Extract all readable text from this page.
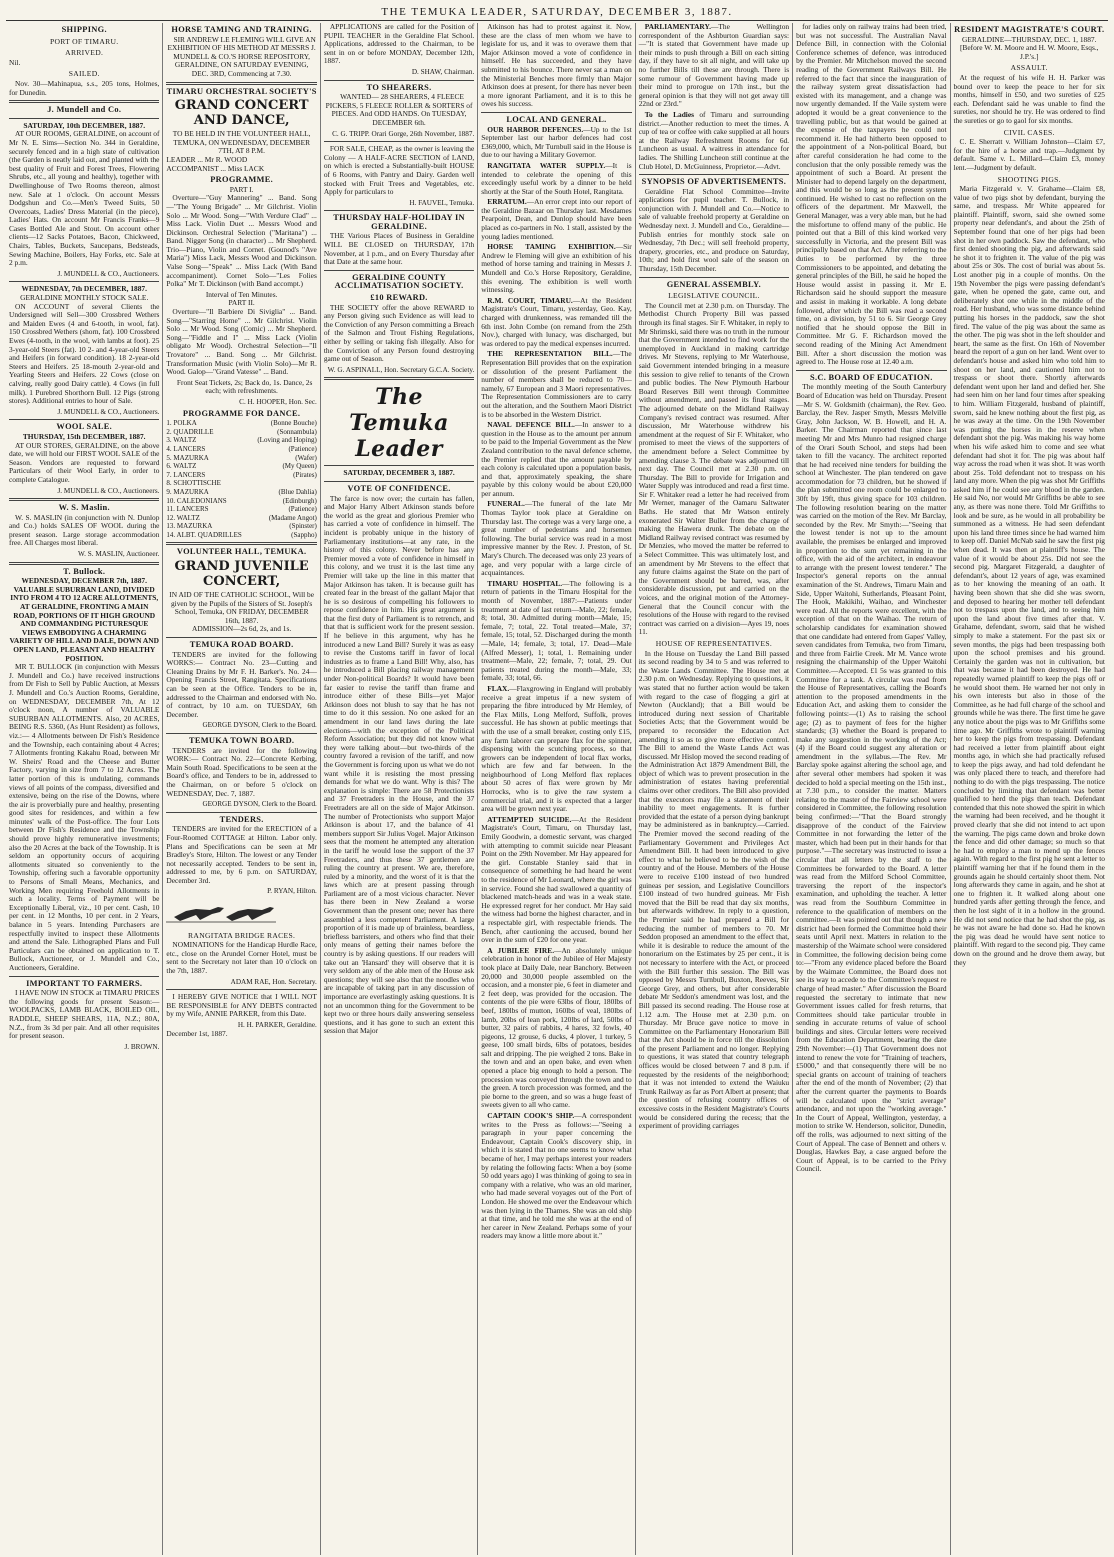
THE TEMUKA LEADER, SATURDAY, DECEMBER 3, 1887.
SHIPPING.
PORT OF TIMARU.
ARRIVED.
Nil.
SAILED.
Nov. 30—Mahinapua, s.s., 205 tons, Holmes, for Dunedin.
J. Mundell and Co.
SATURDAY, 10th DECEMBER, 1887.
AT OUR ROOMS, GERALDINE, on account of Mr N. E. Sims—Section No. 344 in Geraldine, securely fenced and in a high state of cultivation (the Garden is neatly laid out, and planted with the best quality of Fruit and Forest Trees, Flowering Shrubs, etc., all young and healthy), together with Dwellinghouse of Two Rooms thereon, almost new. Sale at 1 o'clock. On account Messrs Dodgshun and Co.—Men's Tweed Suits, 50 Overcoats, Ladies' Dress Material (in the piece), Ladies' Hats. On account Mr Francis Franks—9 Cases Bottled Ale and Stout. On account other clients—12 Sacks Potatoes, Bacon, Chickweed, Chairs, Tables, Buckets, Saucepans, Bedsteads, Sewing Machine, Boilers, Hay Forks, etc. Sale at 2 p.m.
J. MUNDELL & CO., Auctioneers.
WEDNESDAY, 7th DECEMBER, 1887.
GERALDINE MONTHLY STOCK SALE.
ON ACCOUNT of several Clients the Undersigned will Sell—300 Crossbred Wethers and Maiden Ewes (4 and 6-tooth, in wool, fat). 150 Crossbred Wethers (shorn, fat). 100 Crossbred Ewes (4-tooth, in the wool, with lambs at foot). 25 3-year-old Steers (fat). 10 2- and 4-year-old Steers and Heifers (in forward condition). 18 2-year-old Steers and Heifers. 25 18-mouth 2-year-old and Yearling Steers and Heifers. 22 Cows (close on calving, really good Dairy cattle). 4 Cows (in full milk). 1 Purebred Shorthorn Bull. 12 Pigs (strong stores). Additional entries to hour of Sale.
J. MUNDELL & CO., Auctioneers.
WOOL SALE.
THURSDAY, 15th DECEMBER, 1887.
AT OUR STORES, GERALDINE, on the above date, we will hold our FIRST WOOL SALE of the Season. Vendors are requested to forward Particulars of their Wool Early, in order to complete Catalogue.
J. MUNDELL & CO., Auctioneers.
W. S. Maslin.
W. S. MASLIN (in conjunction with N. Dunlop and Co.) holds SALES OF WOOL during the present season. Large storage accommodation free. All Charges most liberal.
W. S. MASLIN, Auctioneer.
T. Bullock.
WEDNESDAY, DECEMBER 7th, 1887.
VALUABLE SUBURBAN LAND, DIVIDED INTO FROM 4 TO 12 ACRE ALLOTMENTS, AT GERALDINE, FRONTING A MAIN ROAD, PORTIONS OF IT HIGH GROUND AND COMMANDING PICTURESQUE VIEWS EMBODYING A CHARMING VARIETY OF HILL AND DALE, DOWN AND OPEN LAND, PLEASANT AND HEALTHY POSITION.
MR T. BULLOCK (in conjunction with Messrs J. Mundell and Co.) have received instructions from Dr Fish to Sell by Public Auction, at Messrs J. Mundell and Co.'s Auction Rooms, Geraldine, on WEDNESDAY, DECEMBER 7th, At 12 o'clock noon, A number of VALUABLE SUBURBAN ALLOTMENTS. Also, 20 ACRES, BEING R.S. 5360, (As Hunt Resident) as follows, viz.:— 4 Allotments between Dr Fish's Residence and the Township, each containing about 4 Acres; 7 Allotments fronting Kakahu Road, between Mr W. Sheirs' Road and the Cheese and Butter Factory, varying in size from 7 to 12 Acres. The latter portion of this is undulating, commands views of all points of the compass, diversified and extensive, being on the rise of the Downs, where the air is proverbially pure and healthy, presenting good sites for residences, and within a few minutes' walk of the Post-office. The four Lots between Dr Fish's Residence and the Township should prove highly remunerative investments; also the 20 Acres at the back of the Township. It is seldom an opportunity occurs of acquiring allotments situated so conveniently to the Township, offering such a favorable opportunity to Persons of Small Means, Mechanics, and Working Men requiring Freehold Allotments in such a locality. Terms of Payment will be Exceptionally Liberal, viz., 10 per cent. Cash, 10 per cent. in 12 Months, 10 per cent. in 2 Years, balance in 5 years. Intending Purchasers are respectfully invited to inspect these Allotments and attend the Sale. Lithographed Plans and Full Particulars can be obtained on application to T. Bullock, Auctioneer, or J. Mundell and Co., Auctioneers, Geraldine.
IMPORTANT TO FARMERS.
I HAVE NOW IN STOCK at TIMARU PRICES the following goods for present Season:— WOOLPACKS, LAMB BLACK, BOILED OIL, RADDLE, SHEEP SHEARS, 11A, N.Z.; 80A, N.Z., from 3s 3d per pair. And all other requisites for present season.
J. BROWN.
HORSE TAMING AND TRAINING.
SIR ANDREW LE FLEMING WILL GIVE AN EXHIBITION OF HIS METHOD AT MESSRS J. MUNDELL & CO.'S HORSE REPOSITORY, GERALDINE, ON SATURDAY EVENING, DEC. 3RD, Commencing at 7.30.
TIMARU ORCHESTRAL SOCIETY'S
GRAND CONCERT AND DANCE,
TO BE HELD IN THE VOLUNTEER HALL, TEMUKA, ON WEDNESDAY, DECEMBER 7TH, AT 8 P.M.
LEADER ... Mr R. WOOD
ACCOMPANIST ... Miss LACK
PROGRAMME.
PART I.
Overture—"Guy Mannering" ... Band. Song—"The Young Brigade" ... Mr Gilchrist. Violin Solo ... Mr Wood. Song—"With Verdure Clad" ... Miss Lack. Violin Duet ... Messrs Wood and Dickinson. Orchestral Selection ("Maritana") ... Band. Nigger Song (in character) ... Mr Shepherd. Trio—Piano, Violin and Cornet. (Gounod's "Ave Maria") Miss Lack, Messrs Wood and Dickinson. Valse Song—"Speak" ... Miss Lack (With Band accompaniment). Cornet Solo—"Les Folies Polka" Mr T. Dickinson (with Band accompt.)
Interval of Ten Minutes.
PART II.
Overture—"Il Barbiere Di Siviglia" ... Band. Song—"Starring Home" ... Mr Gilchrist. Violin Solo ... Mr Wood. Song (Comic) ... Mr Shepherd. Song—"Fiddle and I" ... Miss Lack (Violin obligato Mr Wood). Orchestral Selection—"Il Trovatore" ... Band. Song ... Mr Gilchrist. Transformation Music (with Violin Solo)—Mr R. Wood. Galop—"Grand Vatesse" ... Band.
Front Seat Tickets, 2s; Back do, 1s. Dance, 2s each; with refreshments.
C. H. HOOPER, Hon. Sec.
PROGRAMME FOR DANCE.
1. POLKA	(Bonne Bouche)
2. QUADRILLE	(Sonnambula)
3. WALTZ	(Loving and Hoping)
4. LANCERS	(Patience)
5. MAZURKA	(Wafer)
6. WALTZ	(My Queen)
7. LANCERS	(Pirates)
8. SCHOTTISCHE
9. MAZURKA	(Blue Dahlia)
10. CALEDONIANS	(Edinburgh)
11. LANCERS	(Patience)
12. WALTZ	(Madame Angot)
13. MAZURKA	(Spinster)
14. ALBT. QUADRILLES	(Sappho)
VOLUNTEER HALL, TEMUKA.
GRAND JUVENILE CONCERT,
IN AID OF THE CATHOLIC SCHOOL, Will be given by the Pupils of the Sisters of St. Joseph's School, Temuka, ON FRIDAY, DECEMBER 16th, 1887.
ADMISSION—2s 6d, 2s, and 1s.
TEMUKA ROAD BOARD.
TENDERS are invited for the following WORKS:— Contract No. 23—Cutting and Cleaning Drains by Mr F. H. Barker's. No. 24—Opening Francis Street, Rangitata. Specifications can be seen at the Office. Tenders to be in, addressed to the Chairman and endorsed with No. of contract, by 10 a.m. on TUESDAY, 6th December.
GEORGE DYSON, Clerk to the Board.
TEMUKA TOWN BOARD.
TENDERS are invited for the following WORK:— Contract No. 22—Concrete Kerbing, Main South Road. Specifications to be seen at the Board's office, and Tenders to be in, addressed to the Chairman, on or before 5 o'clock on WEDNESDAY, Dec. 7, 1887.
GEORGE DYSON, Clerk to the Board.
TENDERS.
TENDERS are invited for the ERECTION of a Four-Roomed COTTAGE at Hilton. Labor only. Plans and Specifications can be seen at Mr Bradley's Store, Hilton. The lowest or any Tender not necessarily accepted. Tenders to be sent in, addressed to me, by 6 p.m. on SATURDAY, December 3rd.
P. RYAN, Hilton.
RANGITATA BRIDGE RACES.
NOMINATIONS for the Handicap Hurdle Race, etc., close on the Arundel Corner Hotel, must be sent to the Secretary not later than 10 o'clock on the 7th, 1887.
ADAM RAE, Hon. Secretary.
I HEREBY GIVE NOTICE that I WILL NOT BE RESPONSIBLE for ANY DEBTS contracted by my Wife, ANNIE PARKER, from this Date.
H. H. PARKER, Geraldine.
December 1st, 1887.
APPLICATIONS are called for the Position of PUPIL TEACHER in the Geraldine Flat School. Applications, addressed to the Chairman, to be sent in on or before MONDAY, December 12th, 1887.
D. SHAW, Chairman.
TO SHEARERS.
WANTED— 28 SHEARERS, 4 FLEECE PICKERS, 5 FLEECE ROLLER & SORTERS of PIECES. And ODD HANDS. On TUESDAY, DECEMBER 6th.
C. G. TRIPP. Orari Gorge, 26th November, 1887.
FOR SALE, CHEAP, as the owner is leaving the Colony — A HALF-ACRE SECTION of LAND, on which is erected a Substantially-built HOUSE of 6 Rooms, with Pantry and Dairy. Garden well stocked with Fruit Trees and Vegetables, etc. Apply for particulars to
H. FAUVEL, Temuka.
THURSDAY HALF-HOLIDAY IN GERALDINE.
THE Various Places of Business in Geraldine WILL BE CLOSED on THURSDAY, 17th November, at 1 p.m., and on Every Thursday after that Date at the same hour.
GERALDINE COUNTY ACCLIMATISATION SOCIETY.
£10 REWARD.
THE SOCIETY offer the above REWARD to any Person giving such Evidence as will lead to the Conviction of any Person committing a Breach of the Salmon and Trout Fishing Regulations, either by selling or taking fish illegally. Also for the Conviction of any Person found destroying game out of Season.
W. G. ASPINALL, Hon. Secretary G.C.A. Society.
The Temuka Leader
SATURDAY, DECEMBER 3, 1887.
VOTE OF CONFIDENCE.
The farce is now over; the curtain has fallen, and Major Harry Albert Atkinson stands before the world as the great and glorious Premier who has carried a vote of confidence in himself. The incident is probably unique in the history of Parliamentary institutions—at any rate, in the history of this colony. Never before has any Premier moved a vote of confidence in himself in this colony, and we trust it is the last time any Premier will take up the line in this matter that Major Atkinson has taken. It is because guilt has created fear in the breast of the gallant Major that he is so desirous of compelling his followers to repose confidence in him. His great argument is that the first duty of Parliament is to retrench, and that that is sufficient work for the present session. If he believe in this argument, why has he introduced a new Land Bill? Surely it was as easy to revise the Customs tariff in favor of local industries as to frame a Land Bill! Why, also, has he introduced a Bill placing railway management under Non-political Boards? It would have been far easier to revise the tariff than frame and introduce either of these Bills—yet Major Atkinson does not blush to say that he has not time to do it this session. No one asked for an amendment in our land laws during the late elections—with the exception of the Political Reform Association; but they did not know what they were talking about—but two-thirds of the country favored a revision of the tariff, and now the Government is forcing upon us what we do not want while it is resisting the most pressing demands for what we do want. Why is this? The explanation is simple: There are 58 Protectionists and 37 Freetraders in the House, and the 37 Freetraders are all on the side of Major Atkinson. The number of Protectionists who support Major Atkinson is about 17, and the balance of 41 members support Sir Julius Vogel. Major Atkinson sees that the moment he attempted any alteration in the tariff he would lose the support of the 37 Freetraders, and thus these 37 gentlemen are ruling the country at present. We are, therefore, ruled by a minority, and the worst of it is that the laws which are at present passing through Parliament are of a most vicious character. Never has there been in New Zealand a worse Government than the present one; never has there assembled a less competent Parliament. A large proportion of it is made up of brainless, beardless, briefless barristers, and others who find that their only means of getting their names before the country is by asking questions. If our readers will take out an 'Hansard' they will observe that it is very seldom any of the able men of the House ask questions; they will see also that the noodles who are incapable of taking part in any discussion of importance are everlastingly asking questions. It is not an uncommon thing for the Government to be kept two or three hours daily answering senseless questions, and it has gone to such an extent this session that Major
Atkinson has had to protest against it. Now, these are the class of men whom we have to legislate for us, and it was to overawe them that Major Atkinson moved a vote of confidence in himself. He has succeeded, and they have submitted to his bounce. There never sat a man on the Ministerial Benches more firmly than Major Atkinson does at present, for there has never been a more ignorant Parliament, and it is to this he owes his success.
LOCAL AND GENERAL.
OUR HARBOR DEFENCES.—Up to the 1st September last our harbor defences had cost £369,000, which, Mr Turnbull said in the House is due to our having a Military Governor.
RANGITATA WATER SUPPLY.—It is intended to celebrate the opening of this exceedingly useful work by a dinner to be held shortly at the Star of the South Hotel, Rangitata.
ERRATUM.—An error crept into our report of the Geraldine Bazaar on Thursday last. Mesdames Pearpoint, Dean, and Dunlop should have been placed as co-partners in No. 1 stall, assisted by the young ladies mentioned.
HORSE TAMING EXHIBITION.—Sir Andrew le Fleming will give an exhibition of his method of horse taming and training in Messrs J. Mundell and Co.'s Horse Repository, Geraldine, this evening. The exhibition is well worth witnessing.
R.M. COURT, TIMARU.—At the Resident Magistrate's Court, Timaru, yesterday, Geo. Kay, charged with drunkenness, was remanded till the 6th inst. John Combe (on remand from the 25th Nov.), charged with lunacy, was discharged, but was ordered to pay the medical expenses incurred.
THE REPRESENTATION BILL.—The Representation Bill provides that on the expiration or dissolution of the present Parliament the number of members shall be reduced to 70—namely, 67 European and 3 Maori representatives. The Representation Commissioners are to carry out the alteration, and the Southern Maori District is to be absorbed in the Western District.
NAVAL DEFENCE BILL.—In answer to a question in the House as to the amount per annum to be paid to the Imperial Government as the New Zealand contribution to the naval defence scheme, the Premier replied that the amount payable by each colony is calculated upon a population basis, and that, approximately speaking, the share payable by this colony would be about £20,000 per annum.
FUNERAL.—The funeral of the late Mr Thomas Taylor took place at Geraldine on Thursday last. The cortege was a very large one, a great number of pedestrians and horsemen following. The burial service was read in a most impressive manner by the Rev. J. Preston, of St. Mary's Church. The deceased was only 23 years of age, and very popular with a large circle of acquaintances.
TIMARU HOSPITAL.—The following is a return of patients in the Timaru Hospital for the month of November, 1887:—Patients under treatment at date of last return—Male, 22; female, 8; total, 30. Admitted during month—Male, 15; female, 7; total, 22. Total treated—Male, 37; female, 15; total, 52. Discharged during the month—Male, 14; female, 3; total, 17. Dead—Male (Alfred Messer), 1; total, 1. Remaining under treatment—Male, 22; female, 7; total, 29. Out patients treated during the month—Male, 33; female, 33; total, 66.
FLAX.—Flaxgrowing in England will probably receive a great impetus if a new system of preparing the fibre introduced by Mr Hemley, of the Flax Mills, Long Melford, Suffolk, proves successful. He has shown at public meetings that with the use of a small breaker, costing only £15, any farm laborer can prepare flax for the spinner, dispensing with the scutching process, so that growers can be independent of local flax works, which are few and far between. In the neighbourhood of Long Melford flax replaces about 50 acres of flax were grown by Mr Horrocks, who is to give the raw system a commercial trial, and it is expected that a larger area will be grown next year.
ATTEMPTED SUICIDE.—At the Resident Magistrate's Court, Timaru, on Thursday last, Emily Goodwin, a domestic servant, was charged with attempting to commit suicide near Pleasant Point on the 29th November. Mr Hay appeared for the girl. Constable Stanley said that in consequence of something he had heard he went to the residence of Mr Leonard, where the girl was in service. Found she had swallowed a quantity of blackened match-heads and was in a weak state. He expressed regret for her conduct. Mr Hay said the witness had borne the highest character, and in a respectable girl, with respectable friends. The Bench, after cautioning the accused, bound her over in the sum of £20 for one year.
A JUBILEE FIRE.—An absolutely unique celebration in honor of the Jubilee of Her Majesty took place at Daily Dale, near Banchory. Between 20,000 and 30,000 people assembled on the occasion, and a monster pie, 6 feet in diameter and 2 feet deep, was provided for the occasion. The contents of the pie were 63lbs of flour, 180lbs of beef, 180lbs of mutton, 160lbs of veal, 180lbs of lamb, 20lbs of lean pork, 120lbs of lard, 50lbs of butter, 32 pairs of rabbits, 4 hares, 32 fowls, 40 pigeons, 12 grouse, 6 ducks, 4 plover, 1 turkey, 5 geese, 100 small birds, 6lbs of potatoes, besides salt and dripping. The pie weighed 2 tons. Bake in the town and and an open bake, and even when opened a place big enough to hold a person. The procession was conveyed through the town and to the green. A torch procession was formed, and the pie borne to the green, and so was a huge feast of sweets given to all who came.
CAPTAIN COOK'S SHIP.—A correspondent writes to the Press as follows:—"Seeing a paragraph in your paper concerning the Endeavour, Captain Cook's discovery ship, in which it is stated that no one seems to know what became of her, I may perhaps interest your readers by relating the following facts: When a boy (some 50 odd years ago) I was thinking of going to sea in company with a relative, who was an old mariner, who had made several voyages out of the Port of London. He showed me over the Endeavour which was then lying in the Thames. She was an old ship at that time, and he told me she was at the end of her career in New Zealand. Perhaps some of your readers may know a little more about it."
PARLIAMENTARY.—The Wellington correspondent of the Ashburton Guardian says:—"It is stated that Government have made up their minds to push through a Bill on each sitting day, if they have to sit all night, and will take up no further Bills till these are through. There is some rumour of Government having made up their mind to prorogue on 17th inst., but the general opinion is that they will not get away till 22nd or 23rd."
To the Ladies of Timaru and surrounding district.—Another reduction to meet the times. A cup of tea or coffee with cake supplied at all hours at the Railway Refreshment Rooms for 6d. Luncheon as usual. A waitress in attendance for ladies. The Shilling Luncheon still continue at the Club Hotel, D. McGuinness, Proprietor.—Advt.
SYNOPSIS OF ADVERTISEMENTS.
Geraldine Flat School Committee—Invite applications for pupil teacher. T. Bullock, in conjunction with J. Mundell and Co.—Notice to sale of valuable freehold property at Geraldine on Wednesday next. J. Mundell and Co., Geraldine—Publish entries for monthly stock sale on Wednesday, 7th Dec.; will sell freehold property, drapery, groceries, etc., and produce on Saturday, 10th; and hold first wool sale of the season on Thursday, 15th December.
GENERAL ASSEMBLY.
LEGISLATIVE COUNCIL.
The Council met at 2.30 p.m. on Thursday. The Methodist Church Property Bill was passed through its final stages. Sir F. Whitaker, in reply to Mr Shrimski, said there was no truth in the rumour that the Government intended to find work for the unemployed in Auckland in making cartridge drives. Mr Stevens, replying to Mr Waterhouse, said Government intended bringing in a measure this session to give relief to tenants of the Crown and public bodies. The New Plymouth Harbour Board Reserves Bill went through Committee without amendment, and passed its final stages. The adjourned debate on the Midland Railway Company's revised contract was resumed. After discussion, Mr Waterhouse withdrew his amendment at the request of Sir F. Whitaker, who promised to meet the views of the supporters of the amendment before a Select Committee by amending clause 3. The debate was adjourned till next day. The Council met at 2.30 p.m. on Thursday. The Bill to provide for Irrigation and Water Supply was introduced and read a first time. Sir F. Whitaker read a letter he had received from Mr Werner, manager of the Oamaru Saltwater Baths. He stated that Mr Watson entirely exonerated Sir Walter Buller from the charge of making the Hawera drunk. The debate on the Midland Railway revised contract was resumed by Dr Menzies, who moved the matter be referred to a Select Committee. This was ultimately lost, and an amendment by Mr Stevens to the effect that any future claims against the State on the part of the Government should be barred, was, after considerable discussion, put and carried on the voices, and the original motion of the Attorney-General that the Council concur with the resolutions of the House with regard to the revised contract was carried on a division—Ayes 19, noes 11.
HOUSE OF REPRESENTATIVES.
In the House on Tuesday the Land Bill passed its second reading by 34 to 5 and was referred to the Waste Lands Committee. The House met at 2.30 p.m. on Wednesday. Replying to questions, it was stated that no further action would be taken with regard to the case of flogging a girl at Newton (Auckland); that a Bill would be introduced during next session of Charitable Societies Acts; that the Government would be prepared to reconsider the Education Act amending it so as to give more effective control. The Bill to amend the Waste Lands Act was discussed. Mr Hislop moved the second reading of the Administration Act 1879 Amendment Bill, the object of which was to prevent prosecution in the administration of estates having preferential claims over other creditors. The Bill also provided that the executors may file a statement of their inability to meet engagements. It is further provided that the estate of a person dying bankrupt may be administered as in bankruptcy.—Carried. The Premier moved the second reading of the Parliamentary Government and Privileges Act Amendment Bill. It had been introduced to give effect to what he believed to be the wish of the country and of the House. Members of the House were to receive £100 instead of two hundred guineas per session, and Legislative Councillors £100 instead of two hundred guineas. Mr Fish moved that the Bill be read that day six months, but afterwards withdrew. In reply to a question, the Premier said he had prepared a Bill for reducing the number of members to 70. Mr Seddon proposed an amendment to the effect that, while it is desirable to reduce the amount of the honorarium on the Estimates by 25 per cent., it is not necessary to interfere with the Act, or proceed with the Bill further this session. The Bill was opposed by Messrs Turnbull, Buxton, Reeves, Sir George Grey, and others, but after considerable debate Mr Seddon's amendment was lost, and the Bill passed its second reading. The House rose at 1.12 a.m. The House met at 2.30 p.m. on Thursday. Mr Bruce gave notice to move in Committee on the Parliamentary Honorarium Bill that the Act should be in force till the dissolution of the present Parliament and no longer. Replying to questions, it was stated that country telegraph offices would be closed between 7 and 8 p.m. if requested by the residents of the neighborhood; that it was not intended to extend the Waiuku Trunk Railway as far as Port Albert at present; that the question of refusing country offices of excessive costs in the Resident Magistrate's Courts would be considered during the recess; that the experiment of providing carriages
for ladies only on railway trains had been tried, but was not successful. The Australian Naval Defence Bill, in connection with the Colonial Conference schemes of defence, was introduced by the Premier. Mr Mitchelson moved the second reading of the Government Railways Bill. He referred to the fact that since the inauguration of the railway system great dissatisfaction had existed with its management, and a change was now urgently demanded. If the Vaile system were adopted it would be a great convenience to the travelling public, but as that would be gained at the expense of the taxpayers he could not recommend it. He had hitherto been opposed to the appointment of a Non-political Board, but after careful consideration he had come to the conclusion that the only possible remedy was the appointment of such a Board. At present the Minister had to depend largely on the department, and this would be so long as the present system continued. He wished to cast no reflection on the officers of the department. Mr Maxwell, the General Manager, was a very able man, but he had the misfortune to offend many of the public. He pointed out that a Bill of this kind worked very successfully in Victoria, and the present Bill was principally based on that Act. After referring to the duties to be performed by the three Commissioners to be appointed, and debating the general principles of the Bill, he said he hoped the House would assist in passing it. Mr E. Richardson said he should support the measure and assist in making it workable. A long debate followed, after which the Bill was read a second time, on a division, by 51 to 6. Sir George Grey notified that he should oppose the Bill in Committee. Mr G. F. Richardson moved the second reading of the Mining Act Amendment Bill. After a short discussion the motion was agreed to. The House rose at 12.40 a.m.
S.C. BOARD OF EDUCATION.
The monthly meeting of the South Canterbury Board of Education was held on Thursday. Present—Mr S. W. Goldsmith (chairman), the Rev. Geo. Barclay, the Rev. Jasper Smyth, Messrs Melville Gray, John Jackson, W. B. Howell, and H. A. Barker. The Chairman reported that since last meeting Mr and Mrs Munro had resigned charge of the Orari South School, and steps had been taken to fill the vacancy. The architect reported that he had received nine tenders for building the school at Winchester. The plan tendered on gave accommodation for 73 children, but he showed if the plan submitted one room could be enlarged to 30ft by 19ft, thus giving space for 103 children. The following resolution bearing on the matter was carried on the motion of the Rev. Mr Barclay, seconded by the Rev. Mr Smyth:—"Seeing that the lowest tender is not up to the amount available, the premises be enlarged and improved in proportion to the sum yet remaining in the office, with the aid of the architect, in endeavour to arrange with the present lowest tenderer." The Inspector's general reports on the annual examination of the St. Andrews, Timaru Main and Side, Upper Waitohi, Sutherlands, Pleasant Point, The Hook, Makikihi, Waihao, and Winchester were read. All the reports were excellent, with the exception of that on the Waihao. The return of scholarship candidates for examination showed that one candidate had entered from Gapes' Valley, seven candidates from Temuka, two from Timaru, and three from Fairlie Creek. Mr M. Vance wrote resigning the chairmanship of the Upper Waitohi Committee.—Accepted. £1 5s was granted to this Committee for a tank. A circular was read from the House of Representatives, calling the Board's attention to the proposed amendments in the Education Act, and asking them to consider the following points:—(1) As to raising the school age; (2) as to payment of fees for the higher standards; (3) whether the Board is prepared to make any suggestion in the working of the Act; (4) if the Board could suggest any alteration or amendment in the syllabus.—The Rev. Mr Barclay spoke against altering the school age, and after several other members had spoken it was decided to hold a special meeting on the 15th inst., at 7.30 p.m., to consider the matter. Matters relating to the master of the Fairview school were considered in Committee, the following resolution being confirmed:—"That the Board strongly disapprove of the conduct of the Fairview Committee in not forwarding the letter of the master, which had been put in their hands for that purpose."—The secretary was instructed to issue a circular that all letters by the staff to the Committees be forwarded to the Board. A letter was read from the Milford School Committee, traversing the report of the inspector's examination, and upholding the teacher. A letter was read from the Southburn Committee in reference to the qualification of members on the committee.—It was pointed out that though a new district had been formed the Committee hold their seats until April next. Matters in relation to the mastership of the Waimate school were considered in Committee, the following decision being come to:—"From any evidence placed before the Board by the Waimate Committee, the Board does not see its way to accede to the Committee's request re charge of head master." After discussion the Board requested the secretary to intimate that new Government issues called for fresh returns, that Committees should take particular trouble in sending in accurate returns of value of school buildings and sites. Circular letters were received from the Education Department, bearing the date 29th November:—(1) That Government does not intend to renew the vote for "Training of teachers, £5000," and that consequently there will be no special grants on account of training of teachers after the end of the month of November; (2) that after the current quarter the payments to Boards will be calculated upon the "strict average" attendance, and not upon the "working average." In the Court of Appeal, Wellington, yesterday, a motion to strike W. Henderson, solicitor, Dunedin, off the rolls, was adjourned to next sitting of the Court of Appeal. The case of Bennett and others v. Douglas, Hawkes Bay, a case argued before the Court of Appeal, is to be carried to the Privy Council.
RESIDENT MAGISTRATE'S COURT.
GERALDINE—THURSDAY, DEC. 1, 1887.
[Before W. M. Moore and H. W. Moore, Esqs., J.P.'s.]
ASSAULT.
At the request of his wife H. H. Parker was bound over to keep the peace to her for six months, himself in £50, and two sureties of £25 each. Defendant said he was unable to find the sureties, nor should he try. He was ordered to find the sureties or go to gaol for six months.
CIVIL CASES.
C. E. Sherratt v. William Johnston—Claim £7, for the hire of a horse and trap.—Judgment by default. Same v. L. Millard—Claim £3, money lent.—Judgment by default.
SHOOTING PIGS.
Maria Fitzgerald v. V. Grahame—Claim £8, value of two pigs shot by defendant, burying the same, and trespass. Mr White appeared for plaintiff. Plaintiff, sworn, said she owned some property near defendant's, and about the 25th of September found that one of her pigs had been shot in her own paddock. Saw the defendant, who first denied shooting the pig, and afterwards said he shot it to frighten it. The value of the pig was about 25s or 30s. The cost of burial was about 5s. Lost another pig in a couple of months. On the 19th November the pigs were passing defendant's gate, when he opened the gate, came out, and deliberately shot one while in the middle of the road. Her husband, who was some distance behind putting his horses in the paddock, saw the shot fired. The value of the pig was about the same as the other. The pig was shot in the left shoulder and heart, the same as the first. On 16th of November heard the report of a gun on her land. Went over to defendant's house and asked him who told him to shoot on her land, and cautioned him not to trespass or shoot there. Shortly afterwards defendant went upon her land and defied her. She had seen him on her land four times after speaking to him. William Fitzgerald, husband of plaintiff, sworn, said he knew nothing about the first pig, as he was away at the time. On the 19th November was putting the horses in the reserve when defendant shot the pig. Was making his way home when his wife asked him to come and see what defendant had shot it for. The pig was about half way across the road when it was shot. It was worth about 25s. Told defendant not to trespass on his land any more. When the pig was shot Mr Griffiths asked him if he could see any blood in the garden. He said No, nor would Mr Griffiths be able to see any, as there was none there. Told Mr Griffiths to look and be sure, as he would in all probability be summoned as a witness. He had seen defendant upon his land three times since he had warned him to keep off. Daniel McNab said he saw the first pig when dead. It was then at plaintiff's house. The value of it would be about 25s. Did not see the second pig. Margaret Fitzgerald, a daughter of defendant's, about 12 years of age, was examined as to her knowing the meaning of an oath. It having been shown that she did she was sworn, and deposed to hearing her mother tell defendant not to trespass upon the land, and to seeing him upon the land about five times after that. V. Grahame, defendant, sworn, said that he wished simply to make a statement. For the past six or seven months, the pigs had been trespassing both upon the school premises and his ground. Certainly the garden was not in cultivation, but that was because it had been destroyed. He had repeatedly warned plaintiff to keep the pigs off or he would shoot them. He warned her not only in his own interests but also in those of the Committee, as he had full charge of the school and grounds while he was there. The first time he gave any notice about the pigs was to Mr Griffiths some time ago. Mr Griffiths wrote to plaintiff warning her to keep the pigs from trespassing. Defendant had received a letter from plaintiff about eight months ago, in which she had practically refused to keep the pigs away, and had told defendant he was only placed there to teach, and therefore had nothing to do with the pigs trespassing. The notice concluded by limiting that defendant was better qualified to herd the pigs than teach. Defendant contended that this note showed the spirit in which the warning had been received, and he thought it proved clearly that she did not intend to act upon the warning. The pigs came down and broke down the fence and did other damage; so much so that he had to employ a man to mend up the fences again. With regard to the first pig he sent a letter to plaintiff warning her that if he found them in the grounds again he should certainly shoot them. Not long afterwards they came in again, and he shot at one to frighten it. It walked along about one hundred yards after getting through the fence, and then he lost sight of it in a hollow in the ground. He did not send notice that he had shot the pig, as he was not aware he had done so. Had he known the pig was dead he would have sent notice to plaintiff. With regard to the second pig. They came down on the ground and he drove them away, but they
